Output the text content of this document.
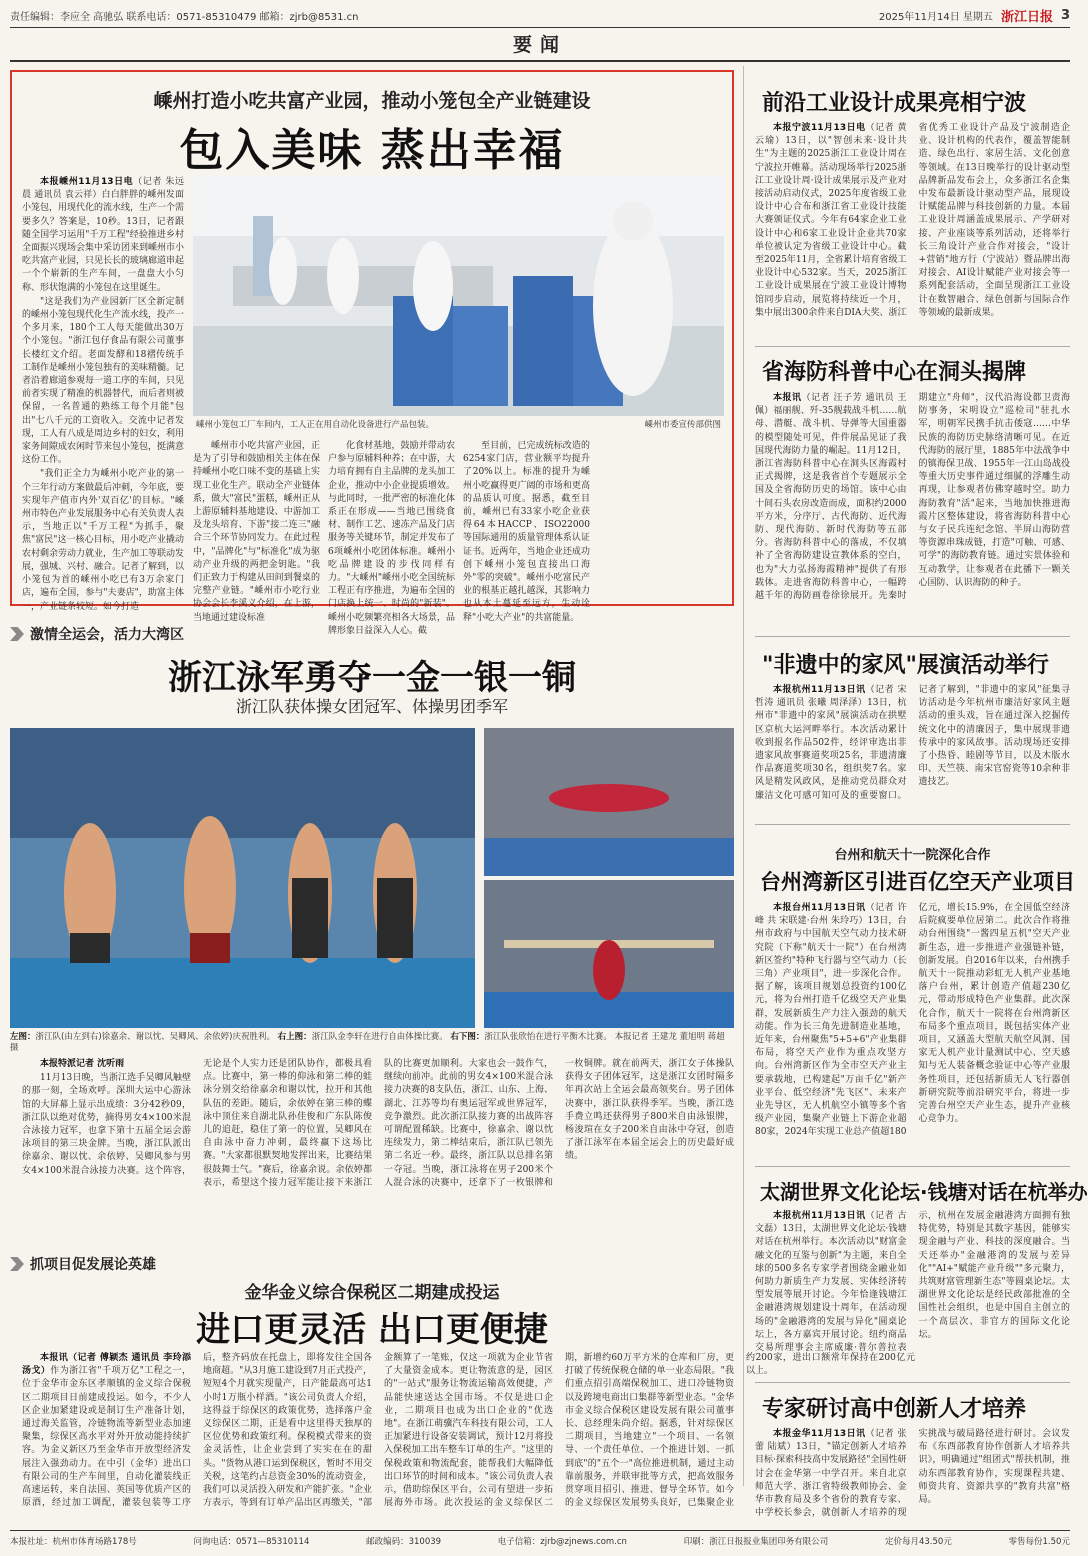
责任编辑：李应全 高驰弘 联系电话：0571-85310479 邮箱：zjrb@8531.cn	2025年11月14日 星期五 浙江日报 3
要闻
嵊州打造小吃共富产业园，推动小笼包全产业链建设
包入美味 蒸出幸福

本报嵊州11月13日电（记者 朱远晨 通讯员 袁云祥）白白胖胖的嵊州发面小笼包，用现代化的流水线，生产一个需要多久？答案是，10秒。13日，记者跟随全国学习运用"千万工程"经验推进乡村全面振兴现场会集中采访团来到嵊州市小吃共富产业园，只见长长的玻璃廊道串起一个个崭新的生产车间，一盘盘大小匀称、形状饱满的小笼包在这里诞生。

"这是我们为产业园新厂区全新定制的嵊州小笼包现代化生产流水线，投产一个多月来，180个工人每天能做出30万个小笼包。"浙江包仔食品有限公司董事长楼红文介绍。老面发酵和18褶传统手工制作是嵊州小笼包独有的美味精髓。记者沿着廊道参观每一道工序的车间，只见前者实现了精准的机器替代，而后者则被保留，一名普通的熟练工每个月能"包出"七八千元的工资收入。交流中记者发现，工人有八成是周边乡村的妇女，利用家务间隙成农闲时节来包小笼包，挺满意这份工作。

"我们正全力为嵊州小吃产业的第一个三年行动方案做最后冲刺，今年底，要实现年产值市内外'双百亿'的目标。"嵊州市特色产业发展服务中心有关负责人表示，当地正以"千万工程"为抓手，聚焦"富民"这一核心目标，用小吃产业撬动农村剩余劳动力就业，生产加工等联动发展，强城、兴村、融合。记者了解到，以小笼包为首的嵊州小吃已有3万余家门店，遍布全国，参与"夫妻店"，助富主体一，产业链条较短。如今打造

嵊州小笼包工厂车间内，工人正在用自动化设备进行产品包装。	嵊州市委宣传部供图

嵊州市小吃共富产业园，正是为了引导和鼓励相关主体在保持嵊州小吃口味不变的基础上实现工业化生产。联动全产业链体系，做大"富民"蛋糕，嵊州正从上游原辅料基地建设、中游加工及龙头培育、下游"接二连三"融合三个环节协同发力。在此过程中，"品牌化"与"标准化"成为驱动产业升级的两把金钥匙。"我们正致力于构建从田间到餐桌的完整产业链。"嵊州市小吃行业协会会长李溪义介绍，在上游，当地通过建设标准

化食材基地，鼓励并带动农户参与原辅料种养；在中游，大力培育拥有自主品牌的龙头加工企业，推动中小企业提质增效。与此同时，一批严密的标准化体系正在形成——当地已围绕食材、制作工艺、速冻产品及门店服务等关键环节，制定并发布了6项嵊州小吃团体标准。嵊州小吃品牌建设的步伐同样有力。"大嵊州"嵊州小吃全国统标工程正有序推进，为遍布全国的门店换上统一、时尚的"新装"。嵊州小吃频繁亮相各大场景，品牌形象日益深入人心。截

至目前，已完成统标改造的6254家门店，营业额平均提升了20%以上。标准的提升为嵊州小吃赢得更广阔的市场和更高的品质认可度。据悉，截至目前，嵊州已有33家小吃企业获得64本HACCP、ISO22000等国际通用的质量管理体系认证证书。近两年，当地企业还成功创下嵊州小笼包直接出口海外"零的突破"。嵊州小吃富民产业的根基正越扎越深，其影响力也从本土蔓延至远方，生动诠释"小吃大产业"的共富能量。

激情全运会，活力大湾区
浙江泳军勇夺一金一银一铜
浙江队获体操女团冠军、体操男团季军
左图：浙江队(由左到右)徐嘉余、谢以忱、吴卿风、余依婷)庆祝胜利。 右上图：浙江队金李轩在进行自由体操比赛。 右下图：浙江队张欣怡在进行平衡木比赛。 本报记者 王建龙 董旭明 蒋超 摄

本报特派记者 沈听雨

11月13日晚，当浙江选手吴卿风触壁的那一刻，全场欢呼。深圳大运中心游泳馆的大屏幕上显示出成绩：3分42秒09，浙江队以绝对优势，摘得男女4×100米混合泳接力冠军，也拿下第十五届全运会游泳项目的第三块金牌。当晚，浙江队派出徐嘉余、谢以忱、余依婷、吴卿风参与男女4×100米混合泳接力决赛。这个阵容，无论是个人实力还是团队协作，都极具看点。比赛中，第一棒的仰泳和第二棒的蛙泳分别交给徐嘉余和谢以忱，拉开和其他队伍的差距。随后，余依婷在第三棒的蝶泳中顶住来自湖北队孙佳俊和广东队陈俊儿的追赶，稳住了第一的位置，吴卿风在自由泳中奋力冲刺，最终赢下这场比赛。"大家都很默契地发挥出来，比赛结果很鼓舞士气。"赛后，徐嘉余说。余依婷都表示，希望这个接力冠军能让接下来浙江队的比赛更加顺利。大家也会一鼓作气，继续向前冲。此前的男女4×100米混合泳接力决赛的8支队伍，浙江、山东、上海、湖北、江苏等均有奥运冠军或世界冠军，竞争激烈。此次浙江队接力赛的出战阵容可谓配置稀缺。比赛中，徐嘉余、谢以忱连续发力，第二棒结束后，浙江队已领先第二名近一秒。最终，浙江队以总排名第一夺冠。当晚，浙江泳将在男子200米个人混合泳的决赛中，还拿下了一枚银牌和一枚铜牌。就在前两天，浙江女子体操队获得女子团体冠军，这是浙江女团时隔多年再次站上全运会最高领奖台。男子团体决赛中，浙江队获得季军。当晚，浙江选手费立鸣还获得男子800米自由泳银牌，杨浚瑄在女子200米自由泳中夺冠，创造了浙江泳军在本届全运会上的历史最好成绩。

抓项目促发展论英雄
金华金义综合保税区二期建成投运
进口更灵活 出口更便捷

本报讯（记者 傅颖杰 通讯员 李玲添 汤戈）作为浙江省"千项万亿"工程之一，位于金华市金东区孝顺镇的金义综合保税区二期项目日前建成投运。如今，不少人区企业加紧建设或是制订生产准备计划，通过海关监管，冷链物流等新型业态加速聚集，综保区高水平对外开放动能持续扩容。为金义新区乃至金华市开放型经济发展注入强劲动力。在中引（金华）进出口有限公司的生产车间里，自动化灌装线正高速运转，来自法国、英国等优质产区的原酒，经过加工调配，灌装包装等工序后，整齐码放在托盘上，即将发往全国各地商超。"从3月施工建设到7月正式投产，短短4个月就实现量产，日产能最高可达1小时1万瓶小样酒。"该公司负责人介绍，这得益于综保区的政策优势，选择落户金义综保区二期，正是看中这里得天独厚的区位优势和政策红利。保税模式带来的资金灵活性，让企业尝到了实实在在的甜头。"货物从港口运到保税区，暂时不用交关税，这笔约占总资金30%的流动资金，我们可以灵活投入研发和产能扩张。"企业方表示，等到有订单产品出区再缴关，"部金额算了一笔账，仅这一项就为企业节省了大量资金成本。更让物流意的是，园区的"一站式"服务让物流运输高效便捷，产品能快速送达全国市场。不仅是进口企业，二期项目也成为出口企业的"优选地"。在浙江萌骥汽车科技有限公司，工人正加紧进行设备安装调试，预计12月将投入保税加工出车整车订单的生产。"这里的保税政策和物流配套，能帮我们大幅降低出口环节的时间和成本。"该公司负责人表示，借助综保区平台，公司有望进一步拓展海外市场。此次投运的金义综保区二期，新增约60万平方米的仓库和厂房，更打破了传统保税仓储的单一业态局限。"我们重点招引高端保税加工、进口冷链物资以及跨境电商出口集群等新型业态。"金华市金义综合保税区建设发展有限公司董事长、总经理朱尚介绍。据悉，针对综保区二期项目，当地建立"一个项目、一名领导、一个责任单位、一个推进计划、一抓到底"的"五个一"高位推进机制，通过主动靠前服务，并联审批等方式，把高效服务贯穿项目招引、推进、督导全环节。如今的金义综保区发展势头良好，已集聚企业约200家，进出口额常年保持在200亿元以上。

前沿工业设计成果亮相宁波

本报宁波11月13日电（记者 黄云瑜）13日，以"智创未来·设计共生"为主题的2025浙江工业设计周在宁波拉开帷幕。活动现场举行2025浙江工业设计周·设计成果展示及产业对接活动启动仪式，2025年度省级工业设计中心合布和浙江省工业设计技能大赛颁证仪式。今年有64家企业工业设计中心和6家工业设计企业共70家单位被认定为省级工业设计中心。截至2025年11月，全省累计培育省级工业设计中心532家。当天，2025浙江工业设计成果展在宁波工业设计博物馆同步启动，展览将持续近一个月，集中展出300余件来自DIA大奖、浙江省优秀工业设计产品及宁波制造企业、设计机构的代表作，覆盖智能制造、绿色出行、家居生活、文化创意等领域。在13日晚举行的设计驱动型品牌新品发布会上，众多浙江名企集中发布最新设计驱动型产品，展现设计赋能品牌与科技创新的力量。本届工业设计周涵盖成果展示、产学研对接、产业座谈等系列活动，还将举行长三角设计产业合作对接会，"设计+营销"地方行（宁波站）暨品牌出海对接会、AI设计赋能产业对接会等一系列配套活动，全面呈现浙江工业设计在数智融合、绿色创新与国际合作等领域的最新成果。

省海防科普中心在洞头揭牌

本报讯（记者 汪子芳 通讯员 王佩）福丽舰、歼-35舰载战斗机……航母、潜艇、战斗机、导弹等大国重器的模型随处可见，件件展品见证了我国现代海防力量的崛起。11月12日，浙江省海防科普中心在洞头区海霞村正式揭牌，这是我省首个专题展示全国及全省海防历史的场馆。该中心由十间石头农房改造而成，面积约2000平方米，分序厅、古代海防、近代海防、现代海防、新时代海防等五部分。省海防科普中心的落成，不仅填补了全省海防建设宣教体系的空白，也为"大力弘扬海霞精神"提供了有形载体。走进省海防科普中心，一幅跨越千年的海防画卷徐徐展开。先秦时期建立"舟师"，汉代沿海设都卫责海防事务，宋明设立"巡检司"驻扎水军，明朝军民携手抗击倭寇……中华民族的海防历史脉络清晰可见。在近代海防的展厅里，1885年中法战争中的镇海保卫战、1955年一江山岛战役等重大历史事件通过细腻的浮雕生动再现，让参观者仿佛穿越时空。助力海防教育"活"起来，当地加快推进海霞片区整体建设，将省海防科普中心与女子民兵连纪念馆、半屏山海防营等资源串珠成链，打造"可触、可感、可学"的海防教育链。通过实景体验和互动教学，让参观者在此播下一颗关心国防、认识海防的种子。

"非遗中的家风"展演活动举行

本报杭州11月13日讯（记者 宋哲涛 通讯员 张曦 周泽泽）13日，杭州市"非遗中的家风"展演活动在拱墅区京杭大运河畔举行。本次活动累计收到报名作品502件，经评审选出非遗家风故事赛道奖项25名，非遗清廉作品赛道奖项30名，组织奖7名。家风是精发风政风，是推动党员群众对廉洁文化可感可知可及的重要窗口。记者了解到，"非遗中的家风"征集寻访活动是今年杭州市廉洁好家风主题活动的重头戏，旨在通过深入挖掘传统文化中的清廉因子，集中展现非遗传承中的家风故事。活动现场还安排了小热昏、睦剧等节目，以及木版水印、天竺筷、南宋官窑瓷等10余种非遗技艺。

台州和航天十一院深化合作
台州湾新区引进百亿空天产业项目

本报台州11月13日讯（记者 许峰 共 宋联建·台州 朱玲巧）13日，台州市政府与中国航天空气动力技术研究院（下称"航天十一院"）在台州湾新区签约"特种飞行器与空气动力（长三角）产业项目"，进一步深化合作。据了解，该项目规划总投资约100亿元，将为台州打造千亿级空天产业集群，发展新质生产力注入强劲的航天动能。作为长三角先进制造业基地，近年来，台州聚焦"5+5+6"产业集群布局，将空天产业作为重点攻坚方向。台州湾新区作为全市空天产业主要承载地，已构建起"万亩千亿"新产业平台、低空经济"先飞区"、未来产业先导区，无人机航空小镇等多个省级产业园，集聚产业链上下游企业超80家，2024年实现工业总产值超180亿元，增长15.9%，在全国低空经济后院疯要单位居第二。此次合作将推动台州围绕"一酱四星五机"空天产业新生态，进一步推进产业强链补链，创新发展。自2016年以来，台州携手航天十一院推动彩虹无人机产业基地落户台州，累计创造产值超230亿元，带动形成特色产业集群。此次深化合作，航天十一院将在台州湾新区布局多个重点项目，既包括实体产业项目，又涵盖大型航天航空风洞、国家无人机产业计量测试中心、空天感知与无人装备概念验证中心等产业服务性项目，还包括新质无人飞行器创新研究院等前沿研究平台，将进一步完善台州空天产业生态，提升产业核心竞争力。

太湖世界文化论坛·钱塘对话在杭举办

本报杭州11月13日讯（记者 古文磊）13日，太湖世界文化论坛·钱塘对话在杭州举行。本次活动以"财富金融文化的互鉴与创新"为主题，来自全球的500多名专家学者围绕金融业如何助力新质生产力发展、实体经济转型发展等展开讨论。今年恰逢钱塘江金融港湾规划建设十周年，在活动现场的"金融港湾的发展与异化"圆桌论坛上，各方嘉宾开展讨论。纽约商品交易所理事会主席威廉·普尔普拉表示，杭州在发展金融港湾方面拥有独特优势，特别是其数字基因，能够实现金融与产业、科技的深度融合。当天还举办"金融港湾的发展与差异化""AI+"赋能产业升级""多元聚力，共筑财富管理新生态"等圆桌论坛。太湖世界文化论坛是经民政部批准的全国性社会组织，也是中国自主创立的一个高层次、非官方的国际文化论坛。

专家研讨高中创新人才培养

本报金华11月13日讯（记者 张蕾 陆斌）13日，"锚定创新人才培养目标·探索科技高中发展路径"全国性研讨会在金华第一中学召开。来自北京师范大学、浙江省特级教师协会、金华市教育局及多个省份的教育专家、中学校长参会，就创新人才培养的现实挑战与破局路径进行研讨。会议发布《东西部教育协作创新人才培养共识》，明确通过"组团式"帮扶机制，推动东西部教育协作，实现课程共建、师资共育、资源共享的"教育共富"格局。

本报社址：杭州市体育场路178号	问询电话：0571—85310114	邮政编码：310039	电子信箱：zjrb@zjnews.com.cn	印刷：浙江日报报业集团印务有限公司	定价每月43.50元	零售每份1.50元
